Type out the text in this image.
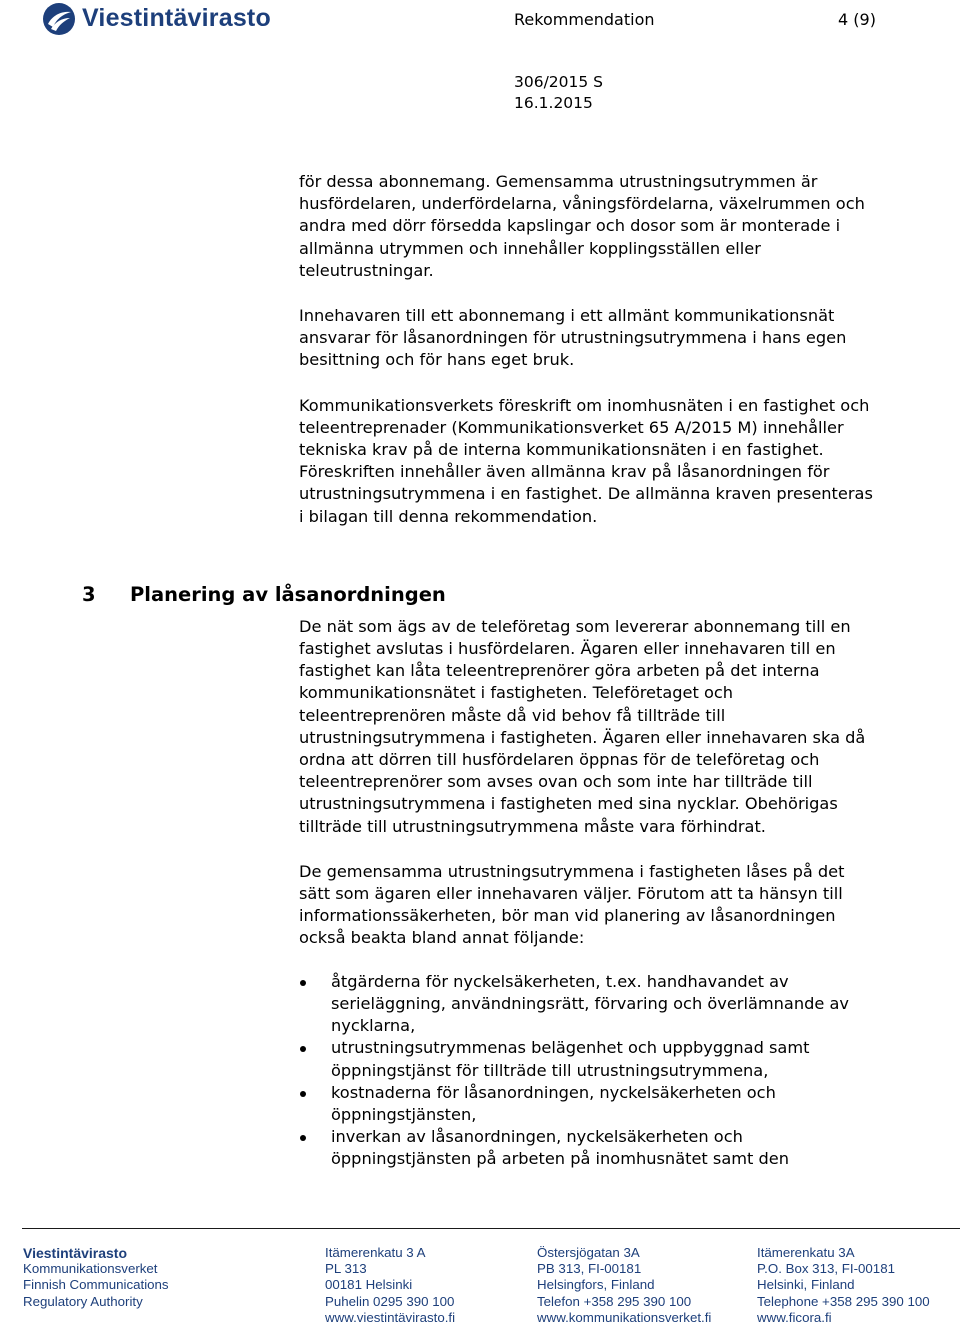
Viestintävirasto	Rekommendation	4 (9)
306/2015 S
16.1.2015
3 Planering av låsanordningen

för dessa abonnemang. Gemensamma utrustningsutrymmen är husfördelaren, underfördelarna, våningsfördelarna, växelrummen och andra med dörr försedda kapslingar och dosor som är monterade i allmänna utrymmen och innehåller kopplingsställen eller teleutrustningar.

Innehavaren till ett abonnemang i ett allmänt kommunikationsnät ansvarar för låsanordningen för utrustningsutrymmena i hans egen besittning och för hans eget bruk.

Kommunikationsverkets föreskrift om inomhusnäten i en fastighet och teleentreprenader (Kommunikationsverket 65 A/2015 M) innehåller tekniska krav på de interna kommunikationsnäten i en fastighet. Föreskriften innehåller även allmänna krav på låsanordningen för utrustningsutrymmena i en fastighet. De allmänna kraven presenteras i bilagan till denna rekommendation.

De nät som ägs av de teleföretag som levererar abonnemang till en fastighet avslutas i husfördelaren. Ägaren eller innehavaren till en fastighet kan låta teleentreprenörer göra arbeten på det interna kommunikationsnätet i fastigheten. Teleföretaget och teleentreprenören måste då vid behov få tillträde till utrustningsutrymmena i fastigheten. Ägaren eller innehavaren ska då ordna att dörren till husfördelaren öppnas för de teleföretag och teleentreprenörer som avses ovan och som inte har tillträde till utrustningsutrymmena i fastigheten med sina nycklar. Obehörigas tillträde till utrustningsutrymmena måste vara förhindrat.

De gemensamma utrustningsutrymmena i fastigheten låses på det sätt som ägaren eller innehavaren väljer. Förutom att ta hänsyn till informationssäkerheten, bör man vid planering av låsanordningen också beakta bland annat följande:

åtgärderna för nyckelsäkerheten, t.ex. handhavandet av serieläggning, användningsrätt, förvaring och överlämnande av nycklarna,
utrustningsutrymmenas belägenhet och uppbyggnad samt öppningstjänst för tillträde till utrustningsutrymmena,
kostnaderna för låsanordningen, nyckelsäkerheten och öppningstjänsten,
inverkan av låsanordningen, nyckelsäkerheten och öppningstjänsten på arbeten på inomhusnätet samt den
Viestintävirasto
Kommunikationsverket
Finnish Communications
Regulatory Authority
Itämerenkatu 3 A
PL 313
00181 Helsinki
Puhelin 0295 390 100
www.viestintävirasto.fi
Östersjögatan 3A
PB 313, FI-00181
Helsingfors, Finland
Telefon +358 295 390 100
www.kommunikationsverket.fi
Itämerenkatu 3A
P.O. Box 313, FI-00181
Helsinki, Finland
Telephone +358 295 390 100
www.ficora.fi
